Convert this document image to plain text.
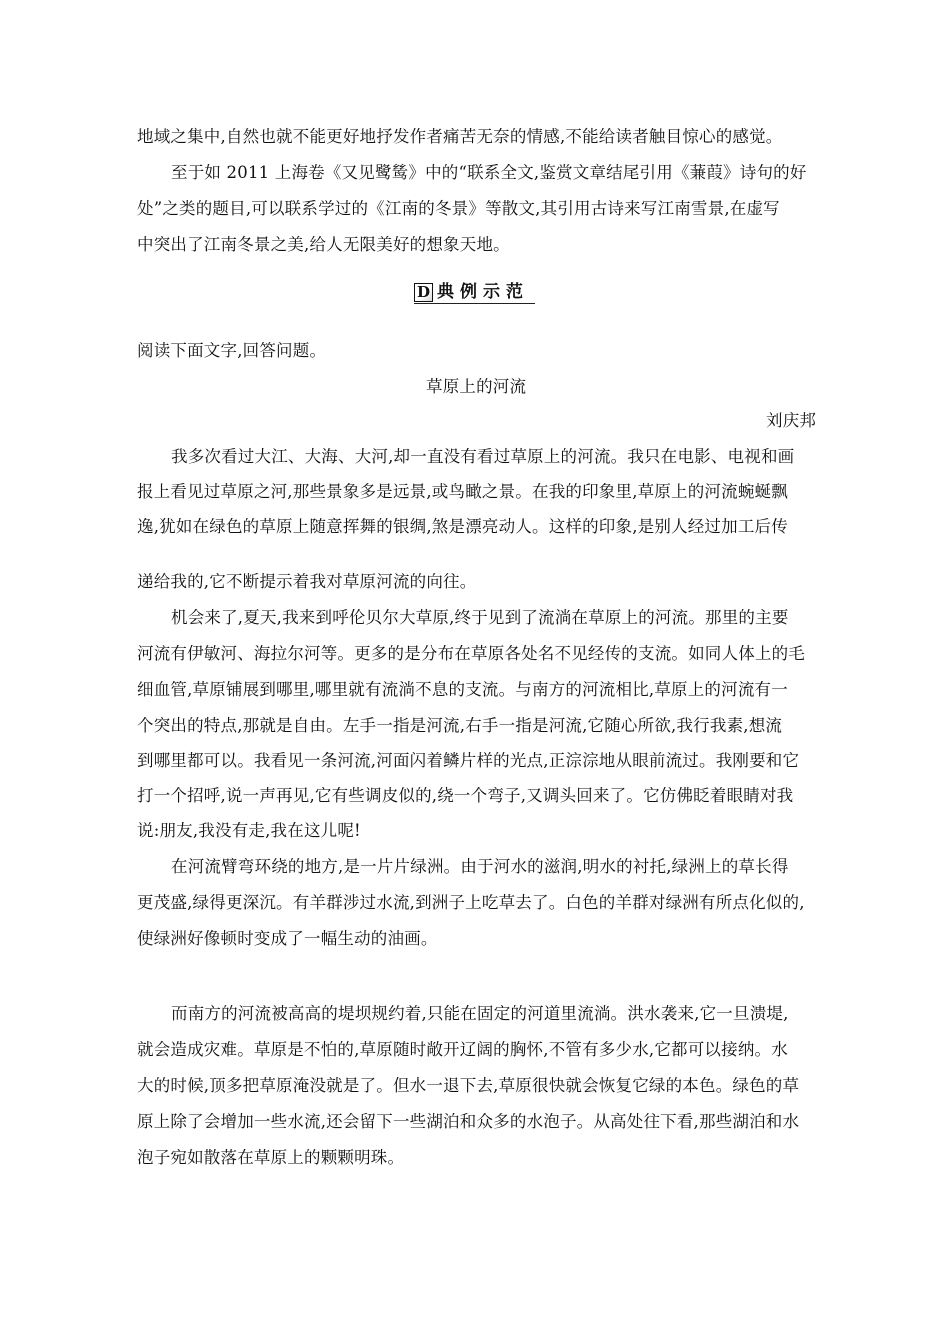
地域之集中,自然也就不能更好地抒发作者痛苦无奈的情感,不能给读者触目惊心的感觉。
至于如 2011 上海卷《又见鹭鸶》中的“联系全文,鉴赏文章结尾引用《蒹葭》诗句的好
处”之类的题目,可以联系学过的《江南的冬景》等散文,其引用古诗来写江南雪景,在虚写
中突出了江南冬景之美,给人无限美好的想象天地。
D 典例示范
阅读下面文字,回答问题。
草原上的河流
刘庆邦
我多次看过大江、大海、大河,却一直没有看过草原上的河流。我只在电影、电视和画
报上看见过草原之河,那些景象多是远景,或鸟瞰之景。在我的印象里,草原上的河流蜿蜒飘
逸,犹如在绿色的草原上随意挥舞的银绸,煞是漂亮动人。这样的印象,是别人经过加工后传
递给我的,它不断提示着我对草原河流的向往。
机会来了,夏天,我来到呼伦贝尔大草原,终于见到了流淌在草原上的河流。那里的主要
河流有伊敏河、海拉尔河等。更多的是分布在草原各处名不见经传的支流。如同人体上的毛
细血管,草原铺展到哪里,哪里就有流淌不息的支流。与南方的河流相比,草原上的河流有一
个突出的特点,那就是自由。左手一指是河流,右手一指是河流,它随心所欲,我行我素,想流
到哪里都可以。我看见一条河流,河面闪着鳞片样的光点,正淙淙地从眼前流过。我刚要和它
打一个招呼,说一声再见,它有些调皮似的,绕一个弯子,又调头回来了。它仿佛眨着眼睛对我
说:朋友,我没有走,我在这儿呢!
在河流臂弯环绕的地方,是一片片绿洲。由于河水的滋润,明水的衬托,绿洲上的草长得
更茂盛,绿得更深沉。有羊群涉过水流,到洲子上吃草去了。白色的羊群对绿洲有所点化似的,
使绿洲好像顿时变成了一幅生动的油画。
而南方的河流被高高的堤坝规约着,只能在固定的河道里流淌。洪水袭来,它一旦溃堤,
就会造成灾难。草原是不怕的,草原随时敞开辽阔的胸怀,不管有多少水,它都可以接纳。水
大的时候,顶多把草原淹没就是了。但水一退下去,草原很快就会恢复它绿的本色。绿色的草
原上除了会增加一些水流,还会留下一些湖泊和众多的水泡子。从高处往下看,那些湖泊和水
泡子宛如散落在草原上的颗颗明珠。
